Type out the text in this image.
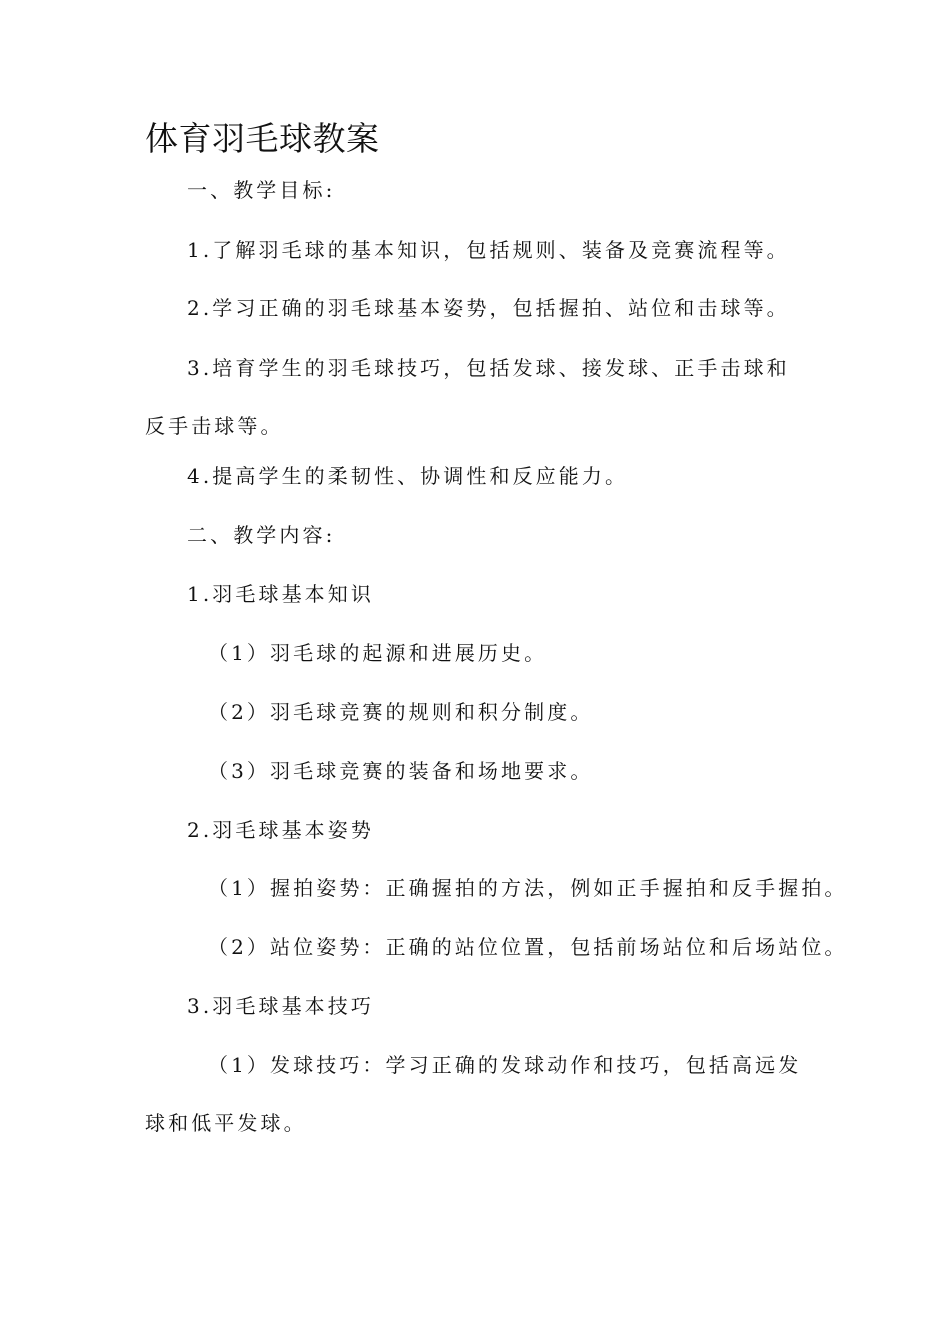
体育羽毛球教案

一、教学目标:

1.了解羽毛球的基本知识，包括规则、装备及竞赛流程等。

2.学习正确的羽毛球基本姿势，包括握拍、站位和击球等。

3.培育学生的羽毛球技巧，包括发球、接发球、正手击球和反手击球等。

4.提高学生的柔韧性、协调性和反应能力。

二、教学内容:

1.羽毛球基本知识

（1）羽毛球的起源和进展历史。

（2）羽毛球竞赛的规则和积分制度。

（3）羽毛球竞赛的装备和场地要求。

2.羽毛球基本姿势

（1）握拍姿势：正确握拍的方法，例如正手握拍和反手握拍。

（2）站位姿势：正确的站位位置，包括前场站位和后场站位。

3.羽毛球基本技巧

（1）发球技巧：学习正确的发球动作和技巧，包括高远发球和低平发球。
